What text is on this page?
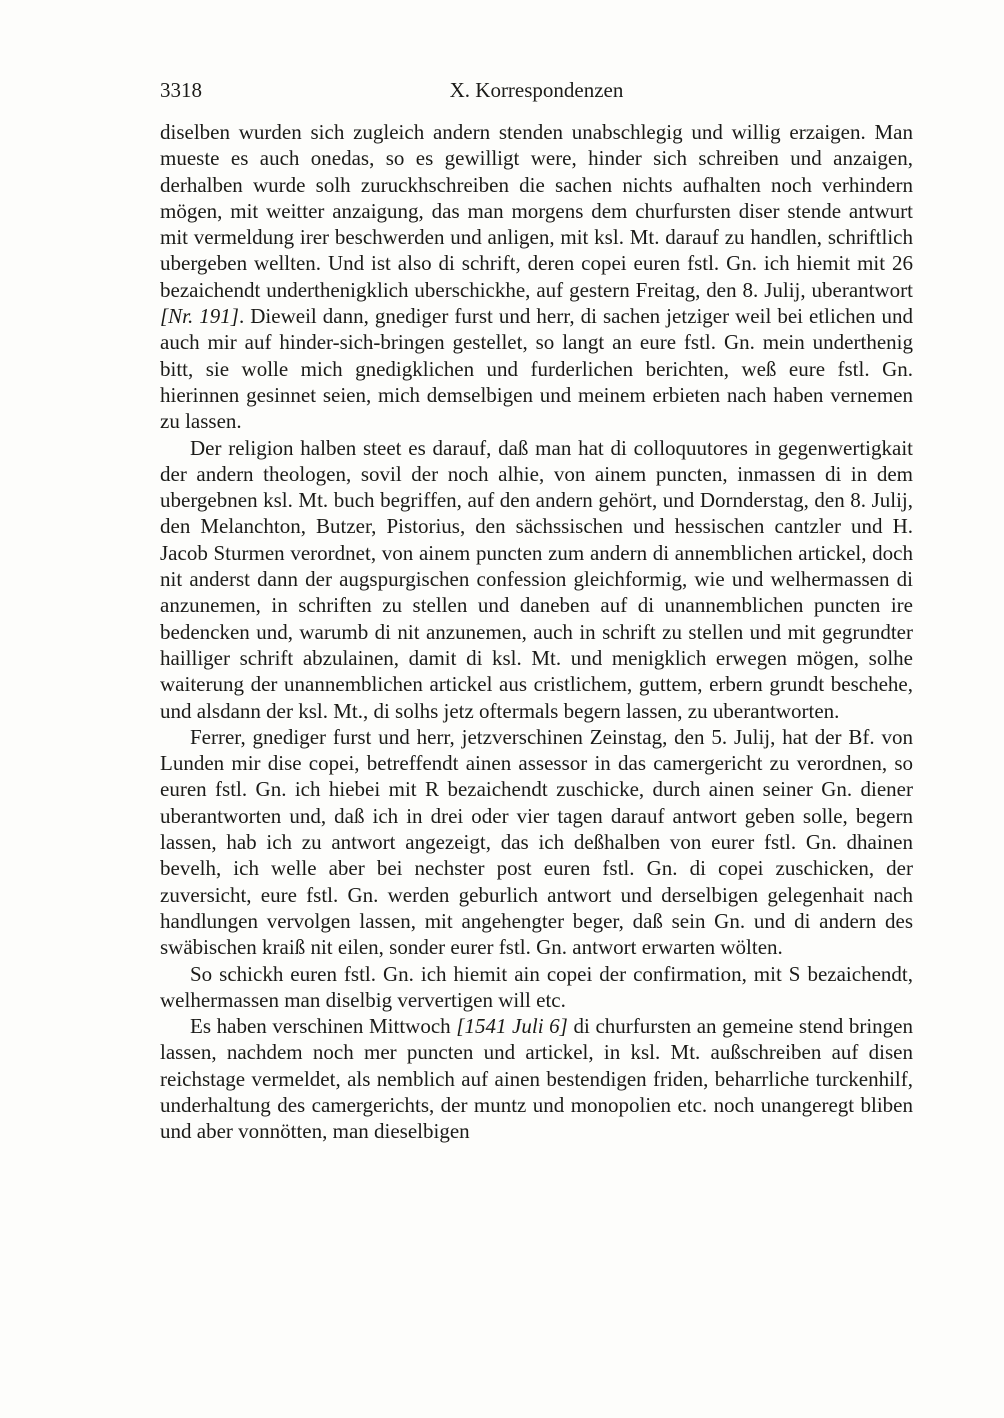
3318	X. Korrespondenzen

diselben wurden sich zugleich andern stenden unabschlegig und willig erzaigen. Man mueste es auch onedas, so es gewilligt were, hinder sich schreiben und anzaigen, derhalben wurde solh zuruckhschreiben die sachen nichts aufhalten noch verhindern mögen, mit weitter anzaigung, das man morgens dem churfursten diser stende antwurt mit vermeldung irer beschwerden und anligen, mit ksl. Mt. darauf zu handlen, schriftlich ubergeben wellten. Und ist also di schrift, deren copei euren fstl. Gn. ich hiemit mit 26 bezaichendt underthenigklich uberschickhe, auf gestern Freitag, den 8. Julij, uberantwort [Nr. 191]. Dieweil dann, gnediger furst und herr, di sachen jetziger weil bei etlichen und auch mir auf hinder-sich-bringen gestellet, so langt an eure fstl. Gn. mein underthenig bitt, sie wolle mich gnedigklichen und furderlichen berichten, weß eure fstl. Gn. hierinnen gesinnet seien, mich demselbigen und meinem erbieten nach haben vernemen zu lassen.

Der religion halben steet es darauf, daß man hat di colloquutores in gegenwertigkait der andern theologen, sovil der noch alhie, von ainem puncten, inmassen di in dem ubergebnen ksl. Mt. buch begriffen, auf den andern gehört, und Dornderstag, den 8. Julij, den Melanchton, Butzer, Pistorius, den sächssischen und hessischen cantzler und H. Jacob Sturmen verordnet, von ainem puncten zum andern di annemblichen artickel, doch nit anderst dann der augspurgischen confession gleichformig, wie und welhermassen di anzunemen, in schriften zu stellen und daneben auf di unannemblichen puncten ire bedencken und, warumb di nit anzunemen, auch in schrift zu stellen und mit gegrundter hailliger schrift abzulainen, damit di ksl. Mt. und menigklich erwegen mögen, solhe waiterung der unannemblichen artickel aus cristlichem, guttem, erbern grundt beschehe, und alsdann der ksl. Mt., di solhs jetz oftermals begern lassen, zu uberantworten.

Ferrer, gnediger furst und herr, jetzverschinen Zeinstag, den 5. Julij, hat der Bf. von Lunden mir dise copei, betreffendt ainen assessor in das camergericht zu verordnen, so euren fstl. Gn. ich hiebei mit R bezaichendt zuschicke, durch ainen seiner Gn. diener uberantworten und, daß ich in drei oder vier tagen darauf antwort geben solle, begern lassen, hab ich zu antwort angezeigt, das ich deßhalben von eurer fstl. Gn. dhainen bevelh, ich welle aber bei nechster post euren fstl. Gn. di copei zuschicken, der zuversicht, eure fstl. Gn. werden geburlich antwort und derselbigen gelegenhait nach handlungen vervolgen lassen, mit angehengter beger, daß sein Gn. und di andern des swäbischen kraiß nit eilen, sonder eurer fstl. Gn. antwort erwarten wölten.

So schickh euren fstl. Gn. ich hiemit ain copei der confirmation, mit S bezaichendt, welhermassen man diselbig ververtigen will etc.

Es haben verschinen Mittwoch [1541 Juli 6] di churfursten an gemeine stend bringen lassen, nachdem noch mer puncten und artickel, in ksl. Mt. außschreiben auf disen reichstage vermeldet, als nemblich auf ainen bestendigen friden, beharrliche turckenhilf, underhaltung des camergerichts, der muntz und monopolien etc. noch unangeregt bliben und aber vonnötten, man dieselbigen
